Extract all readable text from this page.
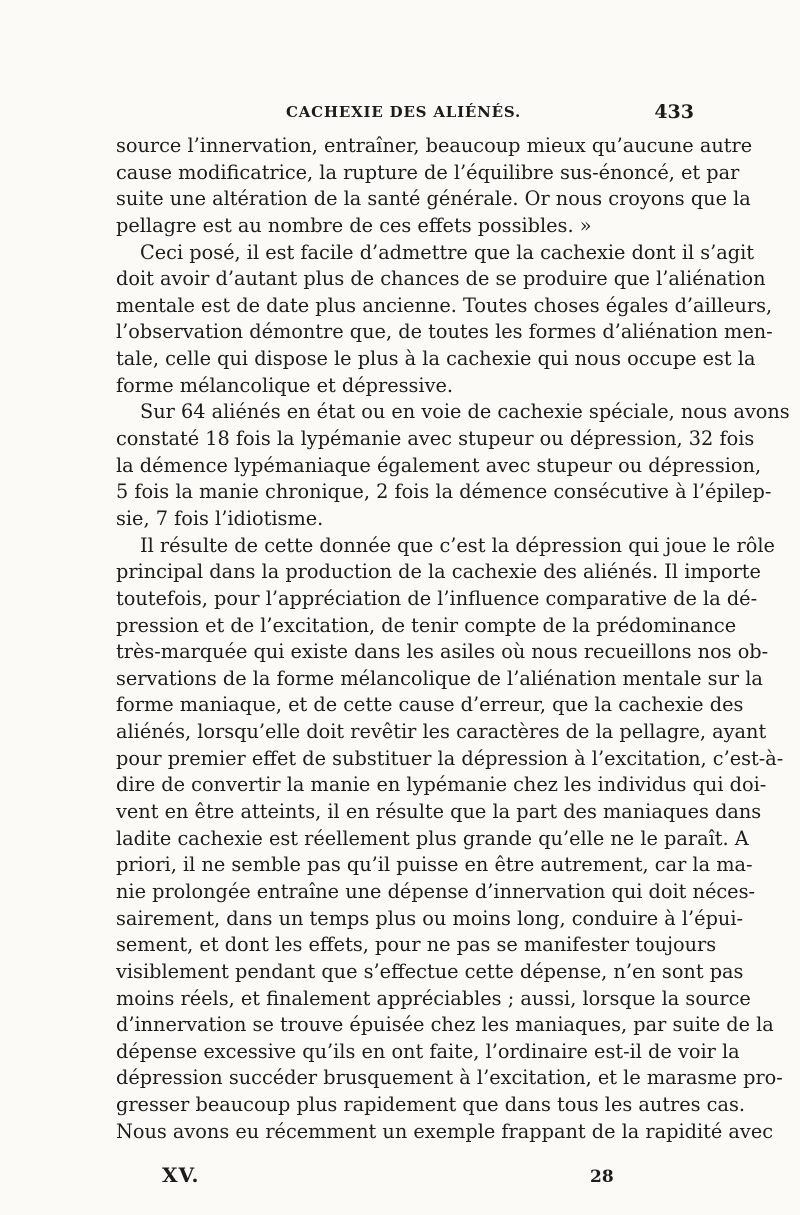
CACHEXIE DES ALIÉNÉS.	433
source l’innervation, entraîner, beaucoup mieux qu’aucune autre
cause modificatrice, la rupture de l’équilibre sus-énoncé, et par
suite une altération de la santé générale. Or nous croyons que la
pellagre est au nombre de ces effets possibles. »
Ceci posé, il est facile d’admettre que la cachexie dont il s’agit
doit avoir d’autant plus de chances de se produire que l’aliénation
mentale est de date plus ancienne. Toutes choses égales d’ailleurs,
l’observation démontre que, de toutes les formes d’aliénation men-
tale, celle qui dispose le plus à la cachexie qui nous occupe est la
forme mélancolique et dépressive.
Sur 64 aliénés en état ou en voie de cachexie spéciale, nous avons
constaté 18 fois la lypémanie avec stupeur ou dépression, 32 fois
la démence lypémaniaque également avec stupeur ou dépression,
5 fois la manie chronique, 2 fois la démence consécutive à l’épilep-
sie, 7 fois l’idiotisme.
Il résulte de cette donnée que c’est la dépression qui joue le rôle
principal dans la production de la cachexie des aliénés. Il importe
toutefois, pour l’appréciation de l’influence comparative de la dé-
pression et de l’excitation, de tenir compte de la prédominance
très-marquée qui existe dans les asiles où nous recueillons nos ob-
servations de la forme mélancolique de l’aliénation mentale sur la
forme maniaque, et de cette cause d’erreur, que la cachexie des
aliénés, lorsqu’elle doit revêtir les caractères de la pellagre, ayant
pour premier effet de substituer la dépression à l’excitation, c’est-à-
dire de convertir la manie en lypémanie chez les individus qui doi-
vent en être atteints, il en résulte que la part des maniaques dans
ladite cachexie est réellement plus grande qu’elle ne le paraît. A
priori, il ne semble pas qu’il puisse en être autrement, car la ma-
nie prolongée entraîne une dépense d’innervation qui doit néces-
sairement, dans un temps plus ou moins long, conduire à l’épui-
sement, et dont les effets, pour ne pas se manifester toujours
visiblement pendant que s’effectue cette dépense, n’en sont pas
moins réels, et finalement appréciables ; aussi, lorsque la source
d’innervation se trouve épuisée chez les maniaques, par suite de la
dépense excessive qu’ils en ont faite, l’ordinaire est-il de voir la
dépression succéder brusquement à l’excitation, et le marasme pro-
gresser beaucoup plus rapidement que dans tous les autres cas.
Nous avons eu récemment un exemple frappant de la rapidité avec
XV.	28
